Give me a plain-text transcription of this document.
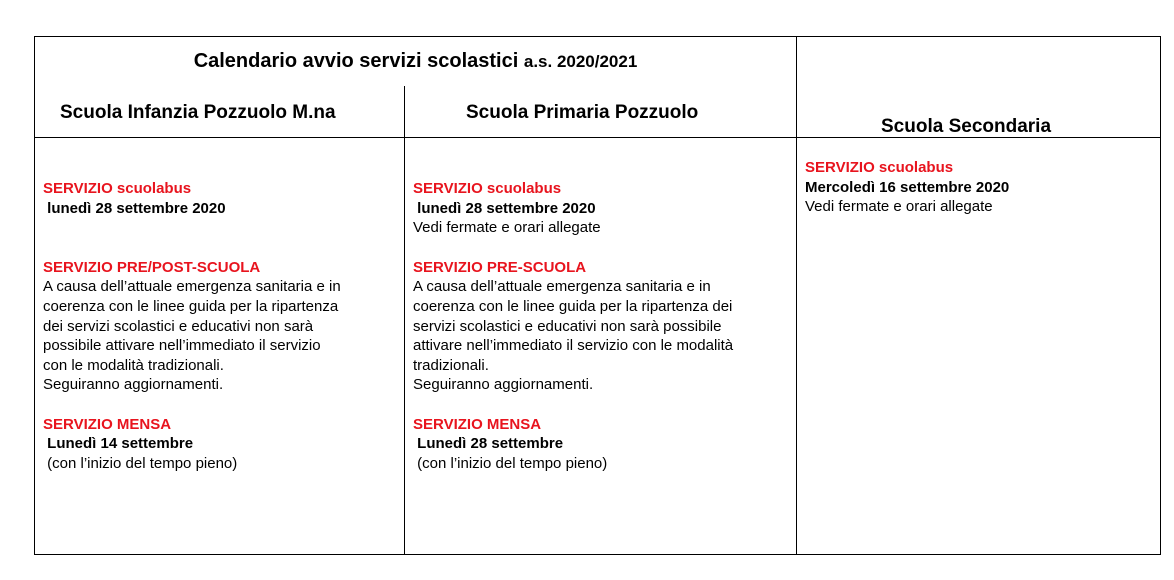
Calendario avvio servizi scolastici a.s. 2020/2021
Scuola Infanzia Pozzuolo M.na	Scuola Primaria Pozzuolo
Scuola Secondaria
SERVIZIO scuolabus
lunedì 28 settembre 2020
SERVIZIO PRE/POST-SCUOLA
A causa dell’attuale emergenza sanitaria e in
coerenza con le linee guida per la ripartenza
dei servizi scolastici e educativi non sarà
possibile attivare nell’immediato il servizio
con le modalità tradizionali.
Seguiranno aggiornamenti.
SERVIZIO MENSA
Lunedì 14 settembre
(con l’inizio del tempo pieno)
SERVIZIO scuolabus
lunedì 28 settembre 2020
Vedi fermate e orari allegate
SERVIZIO PRE-SCUOLA
A causa dell’attuale emergenza sanitaria e in
coerenza con le linee guida per la ripartenza dei
servizi scolastici e educativi non sarà possibile
attivare nell’immediato il servizio con le modalità
tradizionali.
Seguiranno aggiornamenti.
SERVIZIO MENSA
Lunedì 28 settembre
(con l’inizio del tempo pieno)
SERVIZIO scuolabus
Mercoledì 16 settembre 2020
Vedi fermate e orari allegate
